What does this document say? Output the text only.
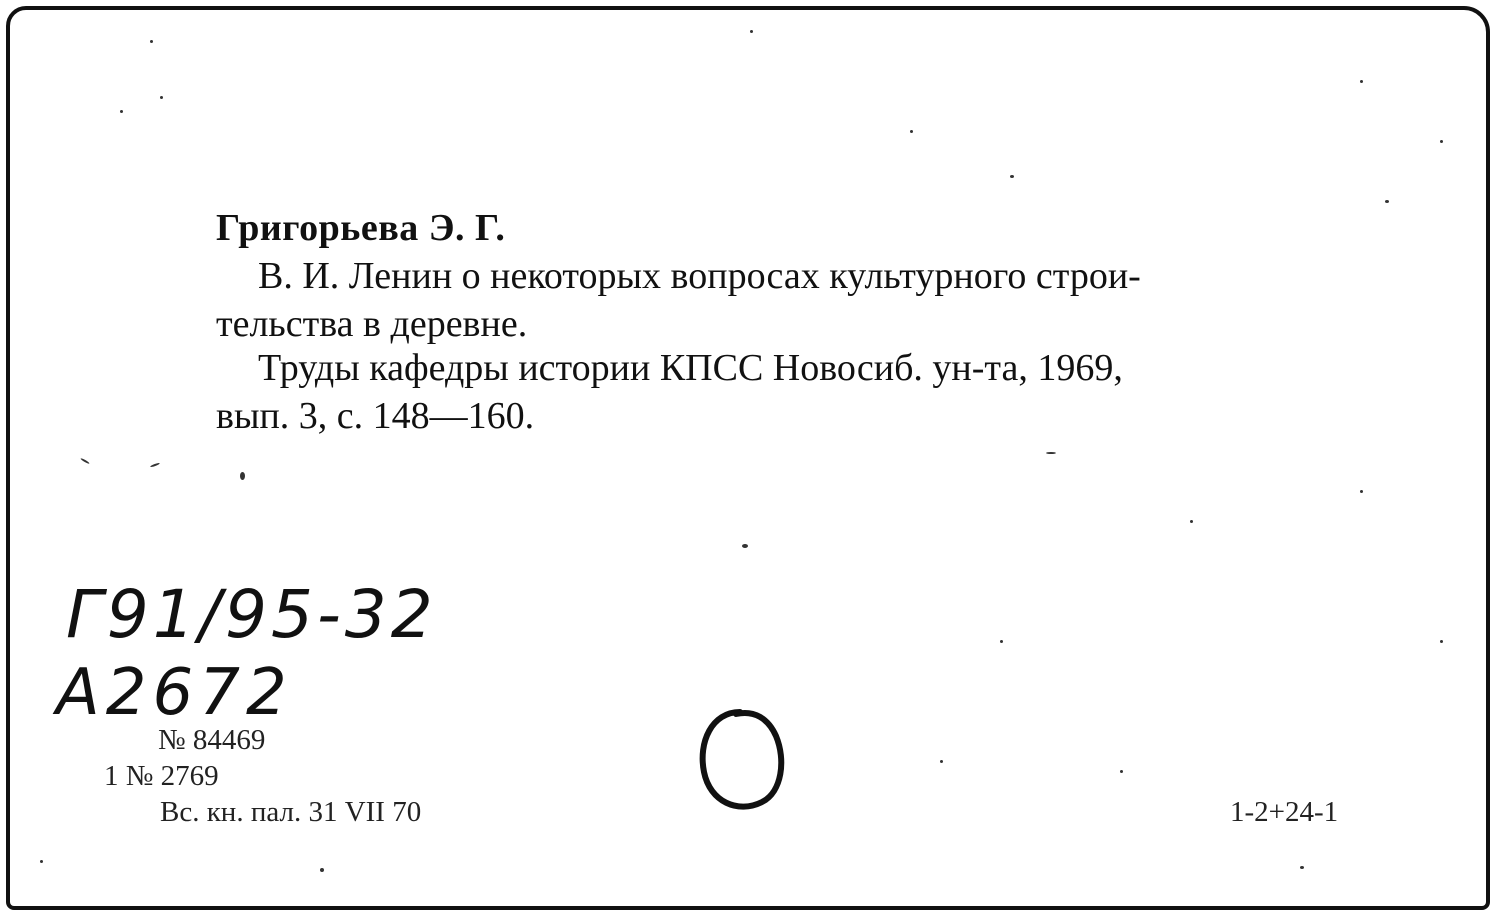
Григорьева Э. Г.
В. И. Ленин о некоторых вопросах культурного строи-
тельства в деревне.
Труды кафедры истории КПСС Новосиб. ун-та, 1969,
вып. 3, с. 148—160.
Г91/95-32
А2672
№ 84469
1 № 2769
Вс. кн. пал. 31 VII 70	1-2+24-1
